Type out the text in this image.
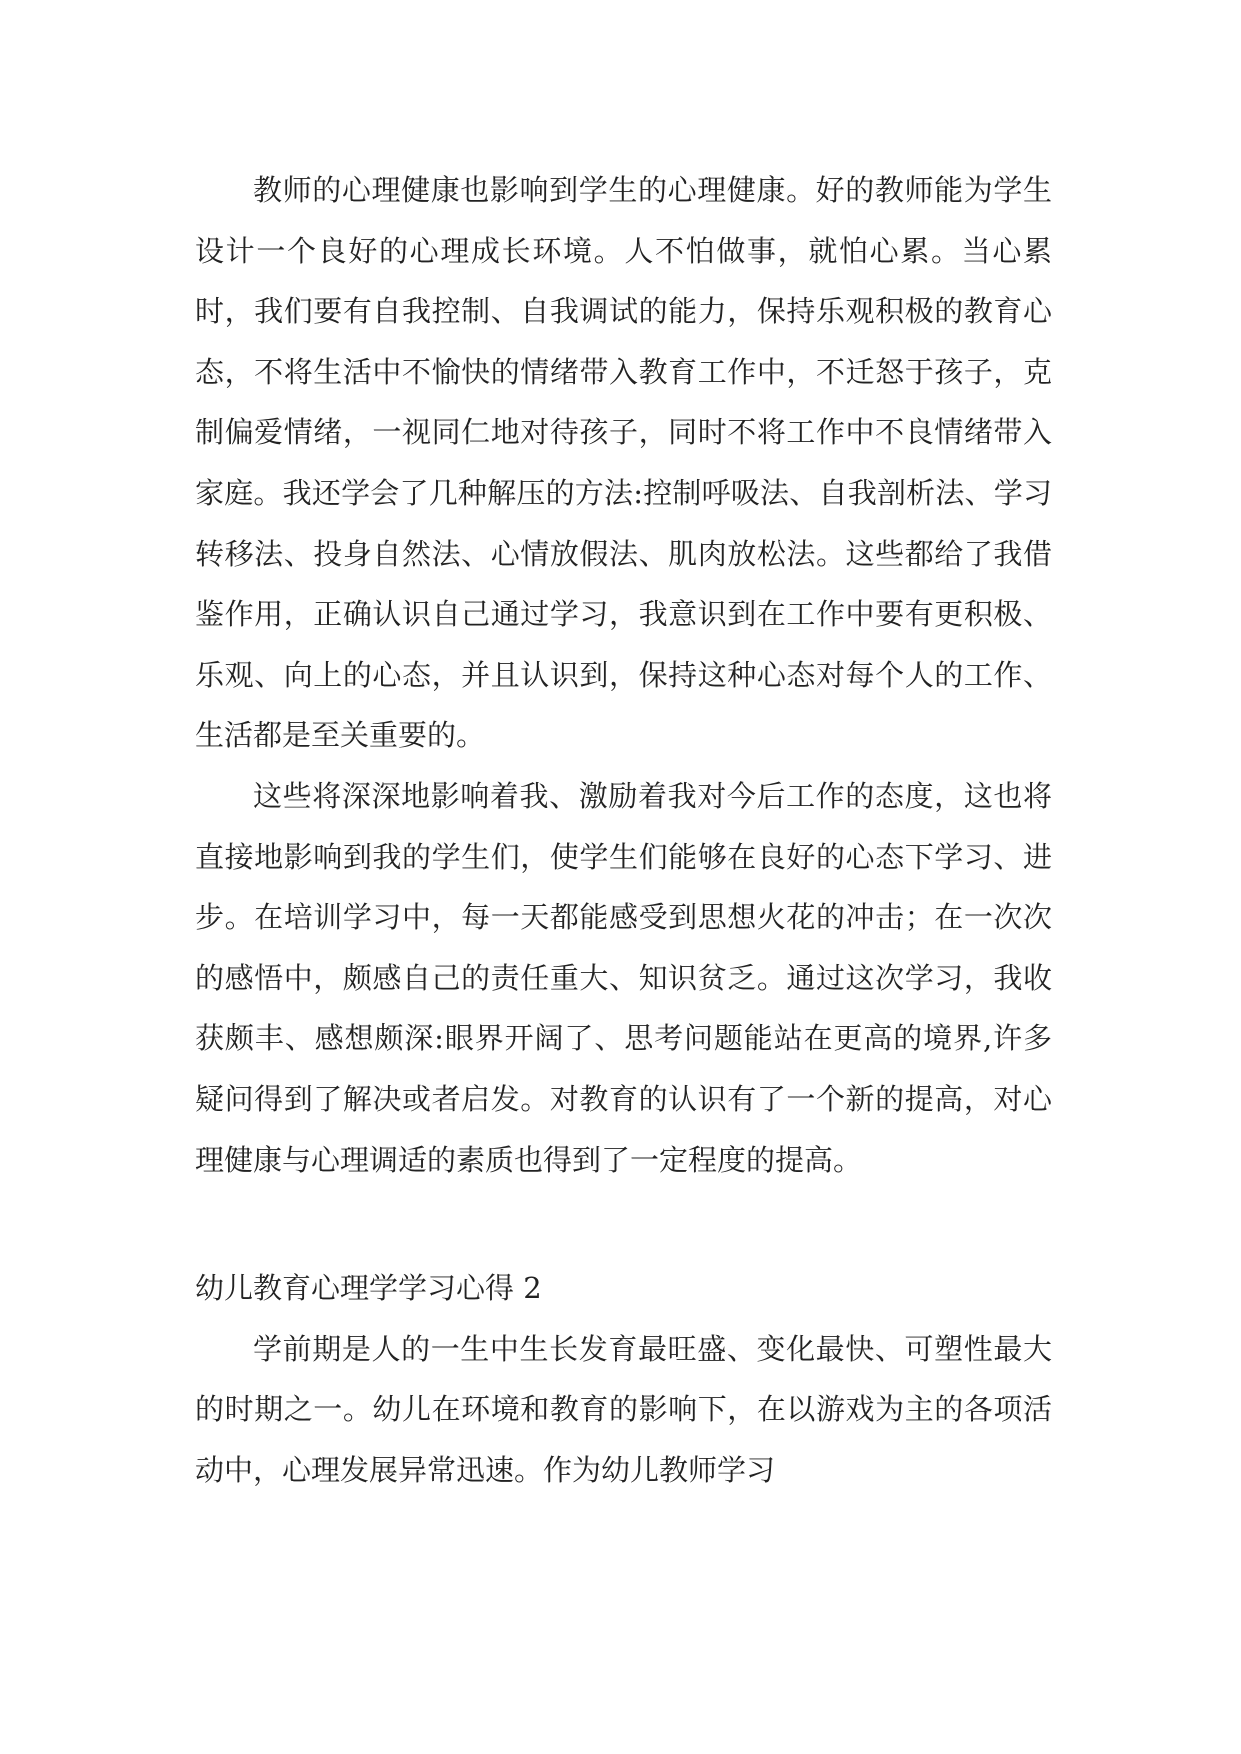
教师的心理健康也影响到学生的心理健康。好的教师能为学生设计一个良好的心理成长环境。人不怕做事，就怕心累。当心累时，我们要有自我控制、自我调试的能力，保持乐观积极的教育心态，不将生活中不愉快的情绪带入教育工作中，不迁怒于孩子，克制偏爱情绪，一视同仁地对待孩子，同时不将工作中不良情绪带入家庭。我还学会了几种解压的方法:控制呼吸法、自我剖析法、学习转移法、投身自然法、心情放假法、肌肉放松法。这些都给了我借鉴作用，正确认识自己通过学习，我意识到在工作中要有更积极、乐观、向上的心态，并且认识到，保持这种心态对每个人的工作、生活都是至关重要的。

这些将深深地影响着我、激励着我对今后工作的态度，这也将直接地影响到我的学生们，使学生们能够在良好的心态下学习、进步。在培训学习中，每一天都能感受到思想火花的冲击；在一次次的感悟中，颇感自己的责任重大、知识贫乏。通过这次学习，我收获颇丰、感想颇深:眼界开阔了、思考问题能站在更高的境界,许多疑问得到了解决或者启发。对教育的认识有了一个新的提高，对心理健康与心理调适的素质也得到了一定程度的提高。

幼儿教育心理学学习心得 2

学前期是人的一生中生长发育最旺盛、变化最快、可塑性最大的时期之一。幼儿在环境和教育的影响下，在以游戏为主的各项活动中，心理发展异常迅速。作为幼儿教师学习
